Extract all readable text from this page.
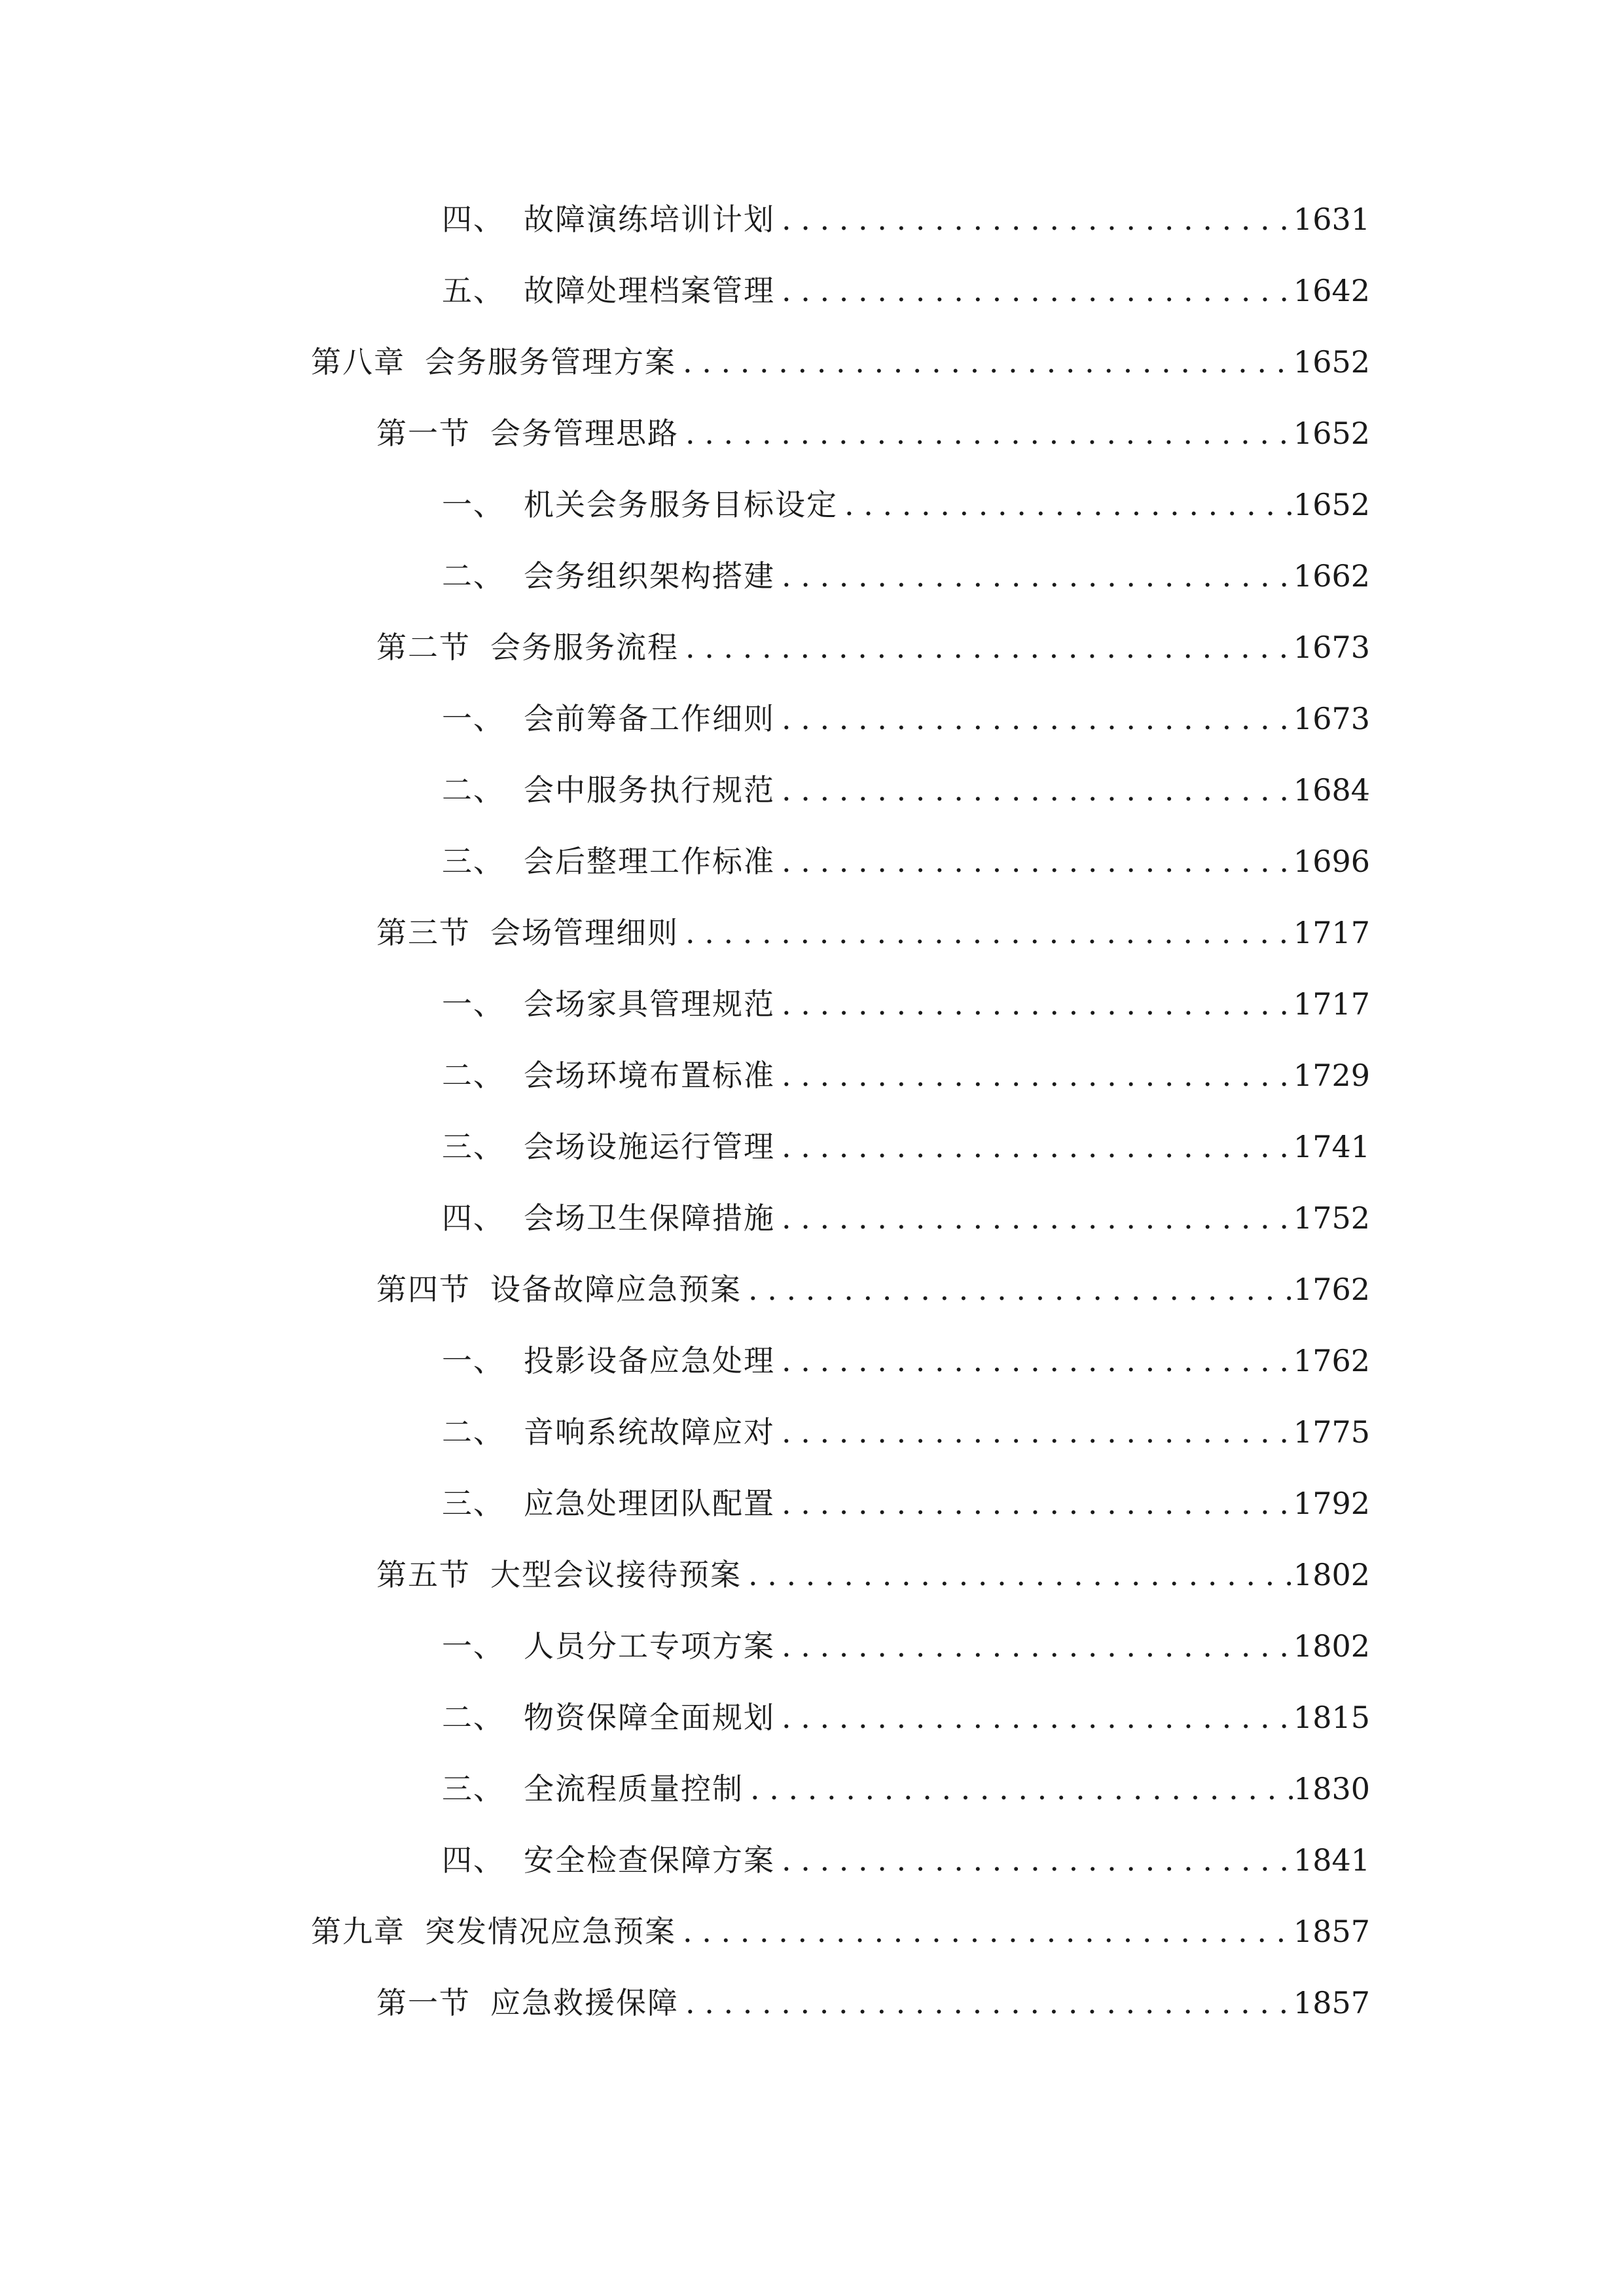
四、 故障演练培训计划 . . .	1631
五、 故障处理档案管理 . . .	1642
第八章 会务服务管理方案 . . .	1652
第一节 会务管理思路 . . .	1652
一、 机关会务服务目标设定 . . .	1652
二、 会务组织架构搭建 . . .	1662
第二节 会务服务流程 . . .	1673
一、 会前筹备工作细则 . . .	1673
二、 会中服务执行规范 . . .	1684
三、 会后整理工作标准 . . .	1696
第三节 会场管理细则 . . .	1717
一、 会场家具管理规范 . . .	1717
二、 会场环境布置标准 . . .	1729
三、 会场设施运行管理 . . .	1741
四、 会场卫生保障措施 . . .	1752
第四节 设备故障应急预案 . . .	1762
一、 投影设备应急处理 . . .	1762
二、 音响系统故障应对 . . .	1775
三、 应急处理团队配置 . . .	1792
第五节 大型会议接待预案 . . .	1802
一、 人员分工专项方案 . . .	1802
二、 物资保障全面规划 . . .	1815
三、 全流程质量控制 . . .	1830
四、 安全检查保障方案 . . .	1841
第九章 突发情况应急预案 . . .	1857
第一节 应急救援保障 . . .	1857
